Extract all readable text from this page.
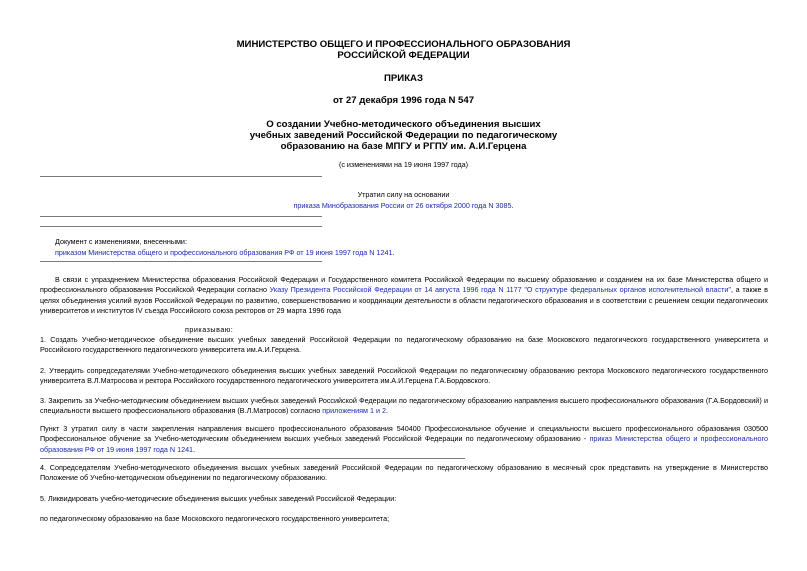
МИНИСТЕРСТВО ОБЩЕГО И ПРОФЕССИОНАЛЬНОГО ОБРАЗОВАНИЯ
РОССИЙСКОЙ ФЕДЕРАЦИИ
ПРИКАЗ
от 27 декабря 1996 года N 547
О создании Учебно-методического объединения высших
учебных заведений Российской Федерации по педагогическому
образованию на базе МПГУ и РГПУ им. А.И.Герцена
(с изменениями на 19 июня 1997 года)
Утратил силу на основании
приказа Минобразования России от 26 октября 2000 года N 3085.
Документ с изменениями, внесенными:
приказом Министерства общего и профессионального образования РФ от 19 июня 1997 года N 1241.
В связи с упразднением Министерства образования Российской Федерации и Государственного комитета Российской Федерации по высшему образованию и созданием на их базе Министерства общего и профессионального образования Российской Федерации согласно Указу Президента Российской Федерации от 14 августа 1996 года N 1177 "О структуре федеральных органов исполнительной власти", а также в целях объединения усилий вузов Российской Федерации по развитию, совершенствованию и координации деятельности в области педагогического образования и в соответствии с решением секции педагогических университетов и институтов IV съезда Российского союза ректоров от 29 марта 1996 года
приказываю:
1. Создать Учебно-методическое объединение высших учебных заведений Российской Федерации по педагогическому образованию на базе Московского педагогического государственного университета и Российского государственного педагогического университета им.А.И.Герцена.
2. Утвердить сопредседателями Учебно-методического объединения высших учебных заведений Российской Федерации по педагогическому образованию ректора Московского педагогического государственного университета В.Л.Матросова и ректора Российского государственного педагогического университета им.А.И.Герцена Г.А.Бордовского.
3. Закрепить за Учебно-методическим объединением высших учебных заведений Российской Федерации по педагогическому образованию направления высшего профессионального образования (Г.А.Бордовский) и специальности высшего профессионального образования (В.Л.Матросов) согласно приложениям 1 и 2.
Пункт 3 утратил силу в части закрепления направления высшего профессионального образования 540400 Профессиональное обучение и специальности высшего профессионального образования 030500 Профессиональное обучение за Учебно-методическим объединением высших учебных заведений Российской Федерации по педагогическому образованию - приказ Министерства общего и профессионального образования РФ от 19 июня 1997 года N 1241.
4. Сопредседателям Учебно-методического объединения высших учебных заведений Российской Федерации по педагогическому образованию в месячный срок представить на утверждение в Министерство Положение об Учебно-методическом объединении по педагогическому образованию.
5. Ликвидировать учебно-методические объединения высших учебных заведений Российской Федерации:
по педагогическому образованию на базе Московского педагогического государственного университета;
